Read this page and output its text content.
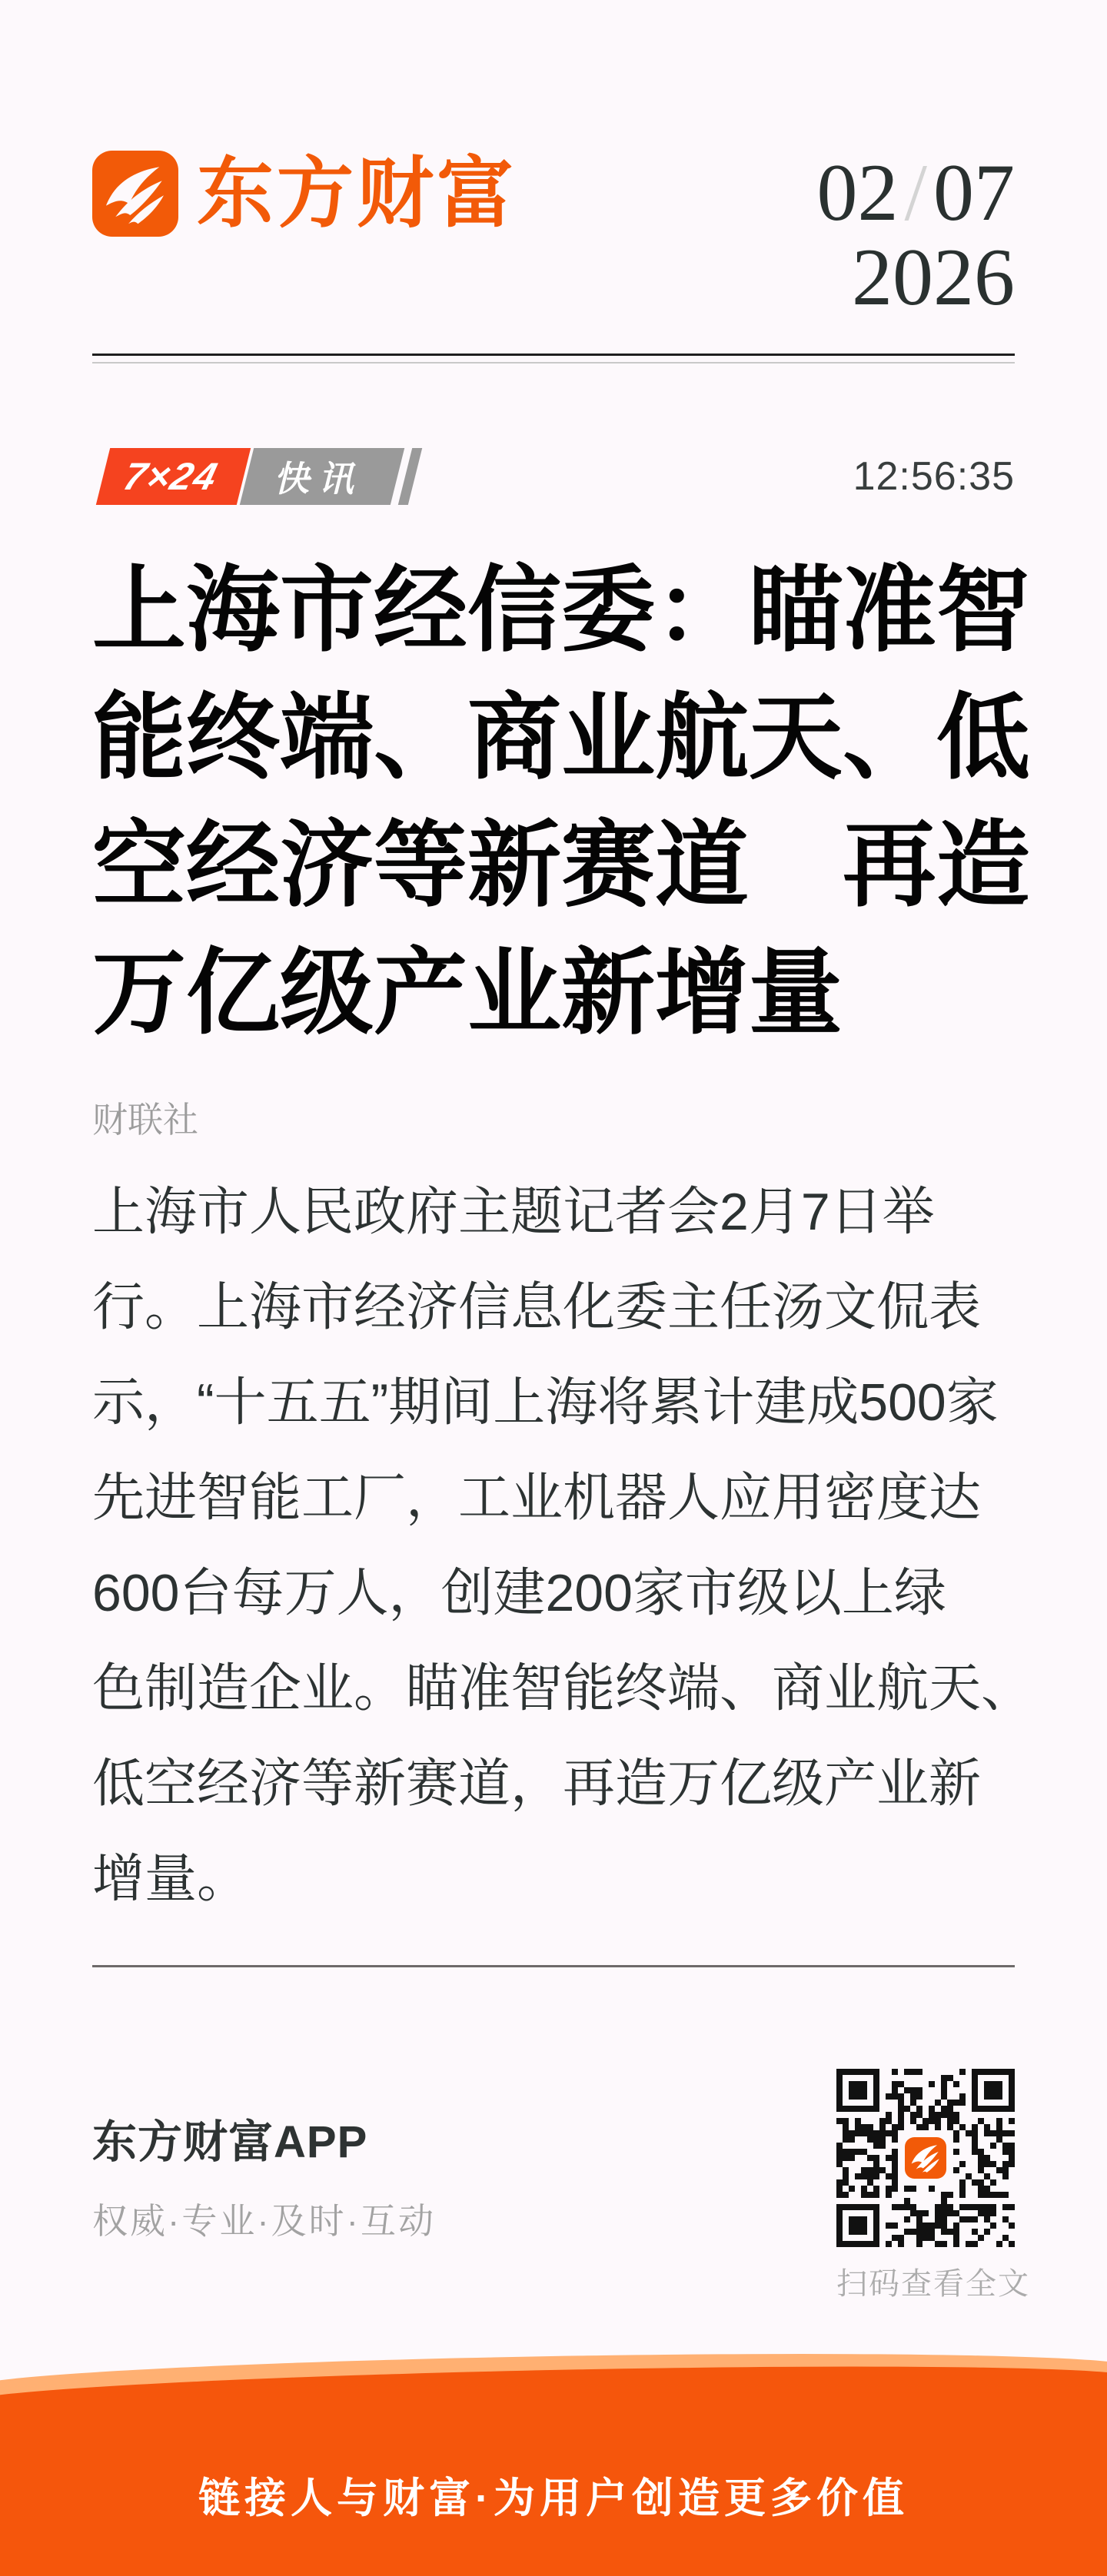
东方财富	02/07
2026
7×24	快讯	12:56:35
上海市经信委：瞄准智
能终端、商业航天、低
空经济等新赛道　再造
万亿级产业新增量
财联社
上海市人民政府主题记者会2月7日举
行。上海市经济信息化委主任汤文侃表
示，“十五五”期间上海将累计建成500家
先进智能工厂，工业机器人应用密度达
600台每万人，创建200家市级以上绿
色制造企业。瞄准智能终端、商业航天、
低空经济等新赛道，再造万亿级产业新
增量。
东方财富APP
权威·专业·及时·互动
扫码查看全文
链接人与财富·为用户创造更多价值
